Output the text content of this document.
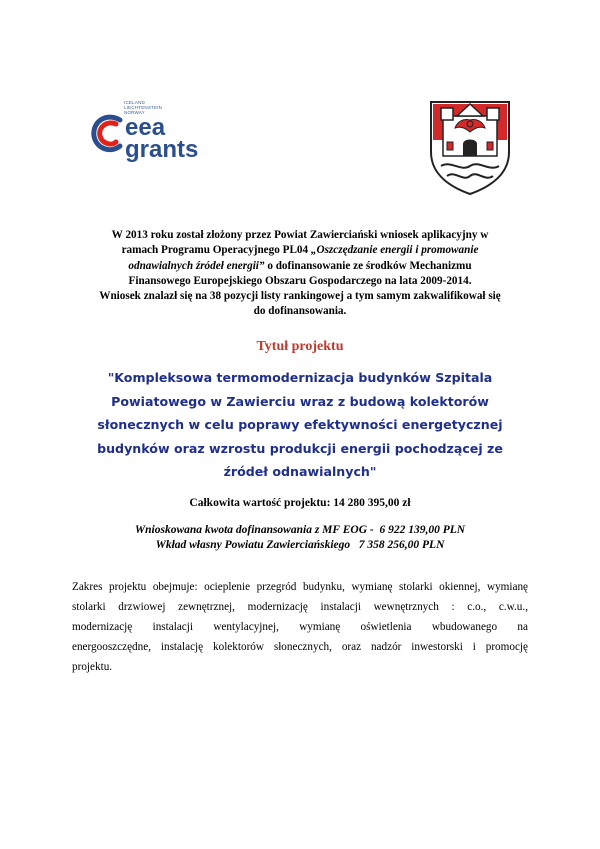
ICELAND
LIECHTENSTEIN
NORWAY
eea
grants
W 2013 roku został złożony przez Powiat Zawierciański wniosek aplikacyjny w
ramach Programu Operacyjnego PL04 „Oszczędzanie energii i promowanie
odnawialnych źródeł energii” o dofinansowanie ze środków Mechanizmu
Finansowego Europejskiego Obszaru Gospodarczego na lata 2009-2014.
Wniosek znalazł się na 38 pozycji listy rankingowej a tym samym zakwalifikował się
do dofinansowania.
Tytuł projektu
"Kompleksowa termomodernizacja budynków Szpitala
Powiatowego w Zawierciu wraz z budową kolektorów
słonecznych w celu poprawy efektywności energetycznej
budynków oraz wzrostu produkcji energii pochodzącej ze
źródeł odnawialnych"
Całkowita wartość projektu: 14 280 395,00 zł
Wnioskowana kwota dofinansowania z MF EOG -  6 922 139,00 PLN
Wkład własny Powiatu Zawierciańskiego   7 358 256,00 PLN
Zakres projektu obejmuje: ocieplenie przegród budynku, wymianę stolarki okiennej, wymianę
stolarki drzwiowej zewnętrznej, modernizację instalacji wewnętrznych : c.o., c.w.u.,
modernizację instalacji wentylacyjnej, wymianę oświetlenia wbudowanego na
energooszczędne, instalację kolektorów słonecznych, oraz nadzór inwestorski i promocję
projektu.
